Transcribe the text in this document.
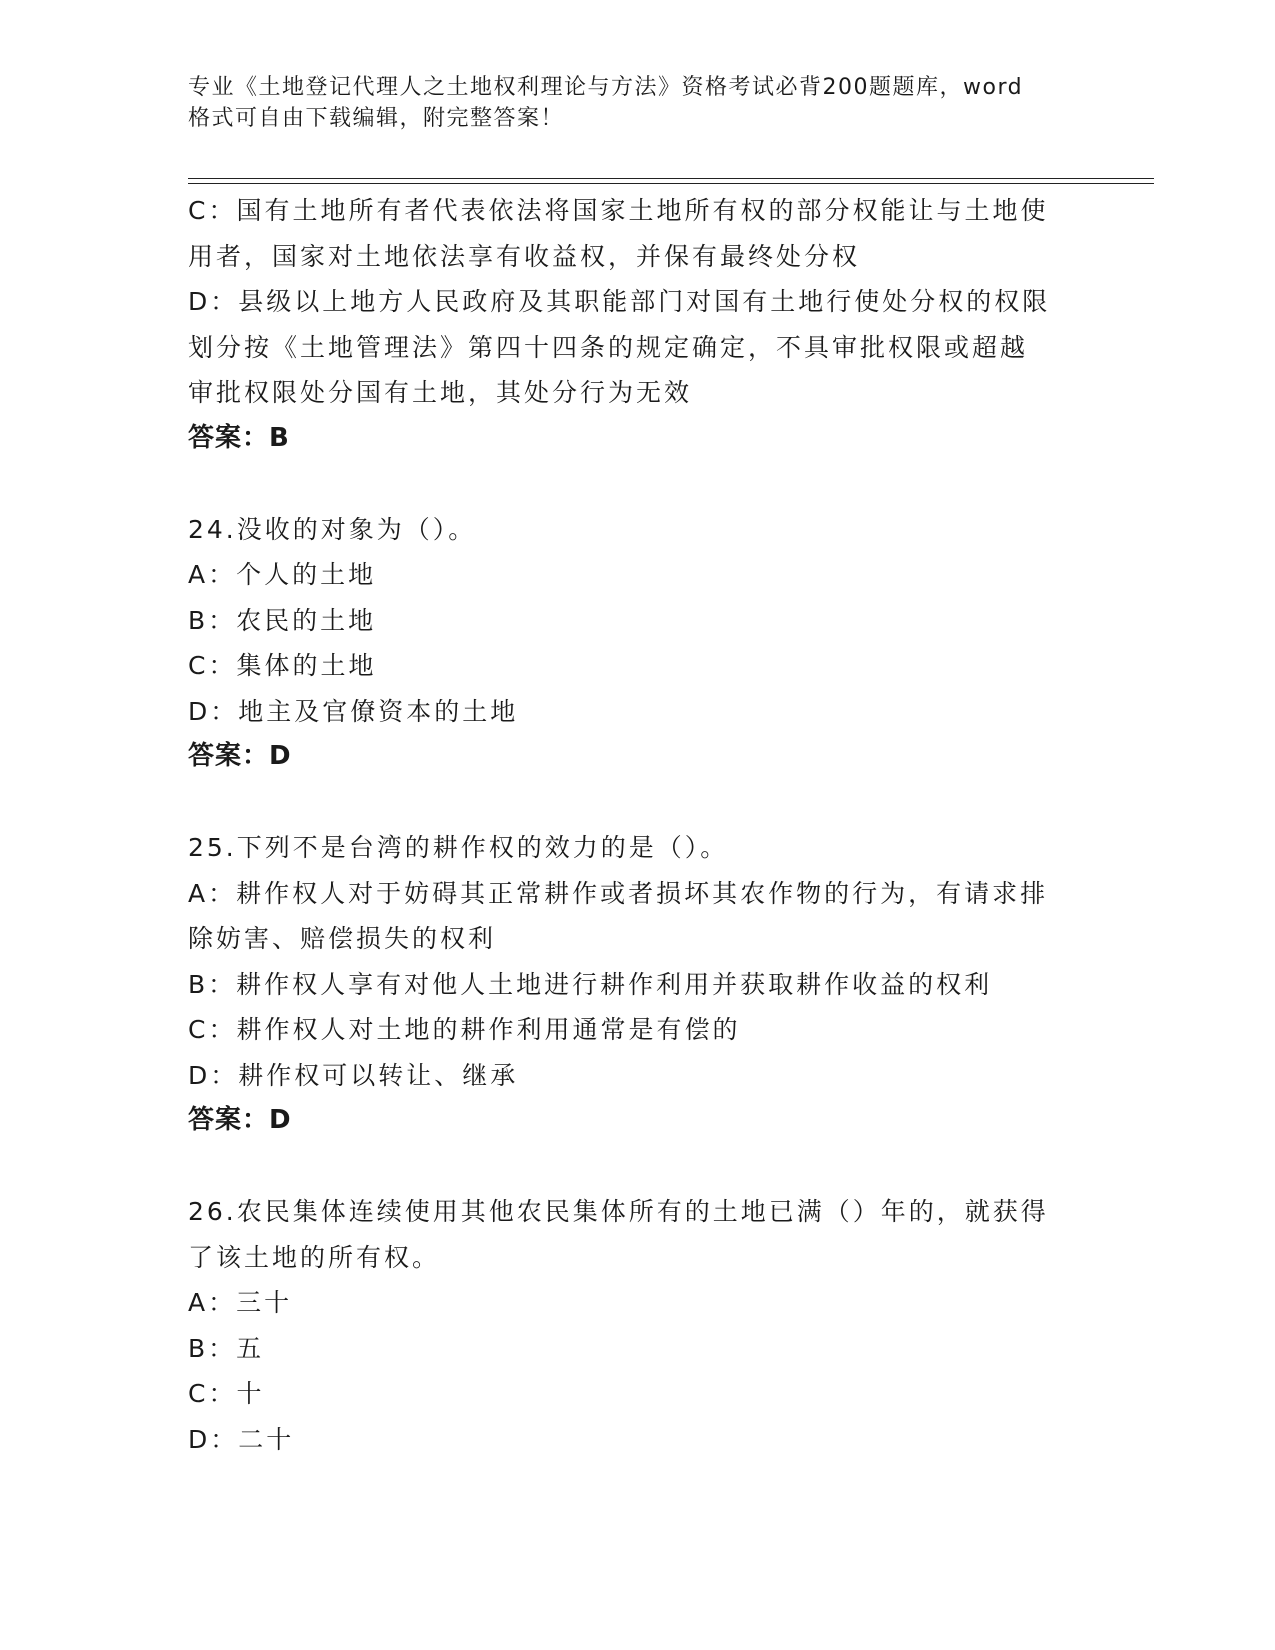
专业《土地登记代理人之土地权利理论与方法》资格考试必背200题题库，word
格式可自由下载编辑，附完整答案！
C：国有土地所有者代表依法将国家土地所有权的部分权能让与土地使
用者，国家对土地依法享有收益权，并保有最终处分权
D：县级以上地方人民政府及其职能部门对国有土地行使处分权的权限
划分按《土地管理法》第四十四条的规定确定，不具审批权限或超越
审批权限处分国有土地，其处分行为无效
答案：B
24.没收的对象为（）。
A：个人的土地
B：农民的土地
C：集体的土地
D：地主及官僚资本的土地
答案：D
25.下列不是台湾的耕作权的效力的是（）。
A：耕作权人对于妨碍其正常耕作或者损坏其农作物的行为，有请求排
除妨害、赔偿损失的权利
B：耕作权人享有对他人土地进行耕作利用并获取耕作收益的权利
C：耕作权人对土地的耕作利用通常是有偿的
D：耕作权可以转让、继承
答案：D
26.农民集体连续使用其他农民集体所有的土地已满（）年的，就获得
了该土地的所有权。
A：三十
B：五
C：十
D：二十
